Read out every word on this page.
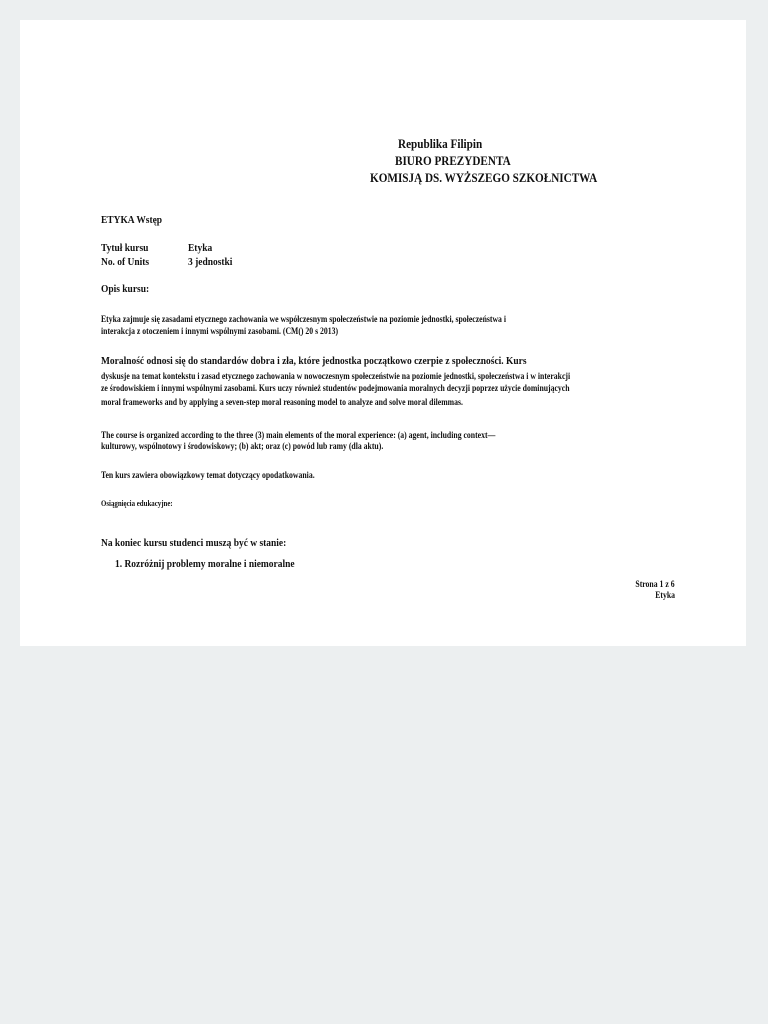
Republika Filipin
BIURO PREZYDENTA
KOMISJĄ DS. WYŻSZEGO SZKOŁNICTWA
ETYKA Wstęp
Tytuł kursu	Etyka
No. of Units	3 jednostki
Opis kursu:
Etyka zajmuje się zasadami etycznego zachowania we współczesnym społeczeństwie na poziomie jednostki, społeczeństwa i
interakcja z otoczeniem i innymi wspólnymi zasobami. (CM() 20 s 2013)
Moralność odnosi się do standardów dobra i zła, które jednostka początkowo czerpie z społeczności. Kurs
dyskusje na temat kontekstu i zasad etycznego zachowania w nowoczesnym społeczeństwie na poziomie jednostki, społeczeństwa i w interakcji
ze środowiskiem i innymi wspólnymi zasobami. Kurs uczy również studentów podejmowania moralnych decyzji poprzez użycie dominujących
moral frameworks and by applying a seven-step moral reasoning model to analyze and solve moral dilemmas.
The course is organized according to the three (3) main elements of the moral experience: (a) agent, including context—
kulturowy, wspólnotowy i środowiskowy; (b) akt; oraz (c) powód lub ramy (dla aktu).
Ten kurs zawiera obowiązkowy temat dotyczący opodatkowania.
Osiągnięcia edukacyjne:
Na koniec kursu studenci muszą być w stanie:
1. Rozróżnij problemy moralne i niemoralne
Strona 1 z 6
Etyka
